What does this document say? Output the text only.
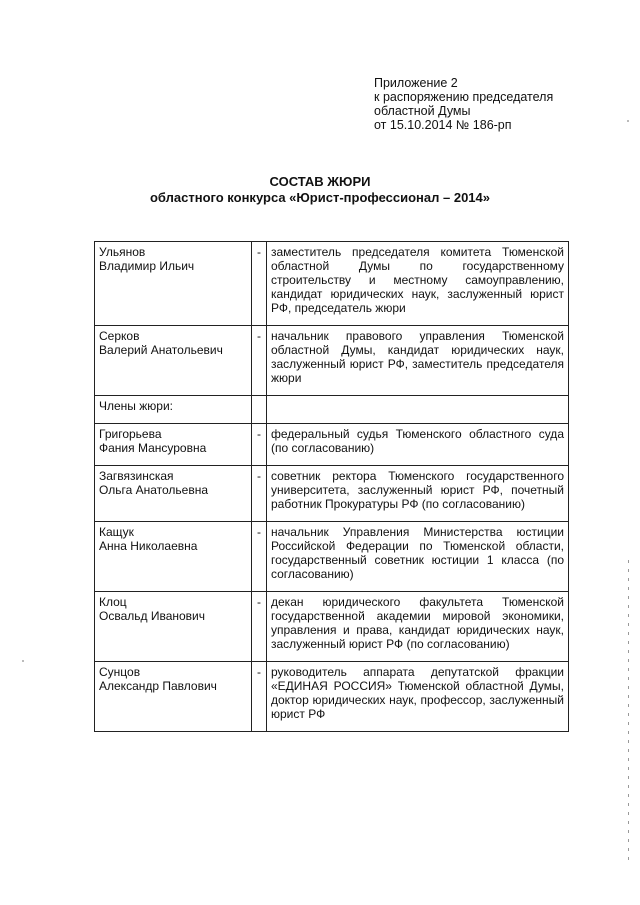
Приложение 2
к распоряжению председателя
областной Думы
от 15.10.2014 № 186-рп
СОСТАВ ЖЮРИ
областного конкурса «Юрист-профессионал – 2014»
Ульянов
Владимир Ильич	-	заместитель председателя комитета Тюменской областной Думы по государственному строительству и местному самоуправлению, кандидат юридических наук, заслуженный юрист РФ, председатель жюри

Серков
Валерий Анатольевич	-	начальник правового управления Тюменской областной Думы, кандидат юридических наук, заслуженный юрист РФ, заместитель председателя жюри
Члены жюри:		

Григорьева
Фания Мансуровна	-	федеральный судья Тюменского областного суда (по согласованию)

Загвязинская
Ольга Анатольевна	-	советник ректора Тюменского государственного университета, заслуженный юрист РФ, почетный работник Прокуратуры РФ (по согласованию)

Кащук
Анна Николаевна	-	начальник Управления Министерства юстиции Российской Федерации по Тюменской области, государственный советник юстиции 1 класса (по согласованию)

Клоц
Освальд Иванович	-	декан юридического факультета Тюменской государственной академии мировой экономики, управления и права, кандидат юридических наук, заслуженный юрист РФ (по согласованию)

Сунцов
Александр Павлович	-	руководитель аппарата депутатской фракции «ЕДИНАЯ РОССИЯ» Тюменской областной Думы, доктор юридических наук, профессор, заслуженный юрист РФ
